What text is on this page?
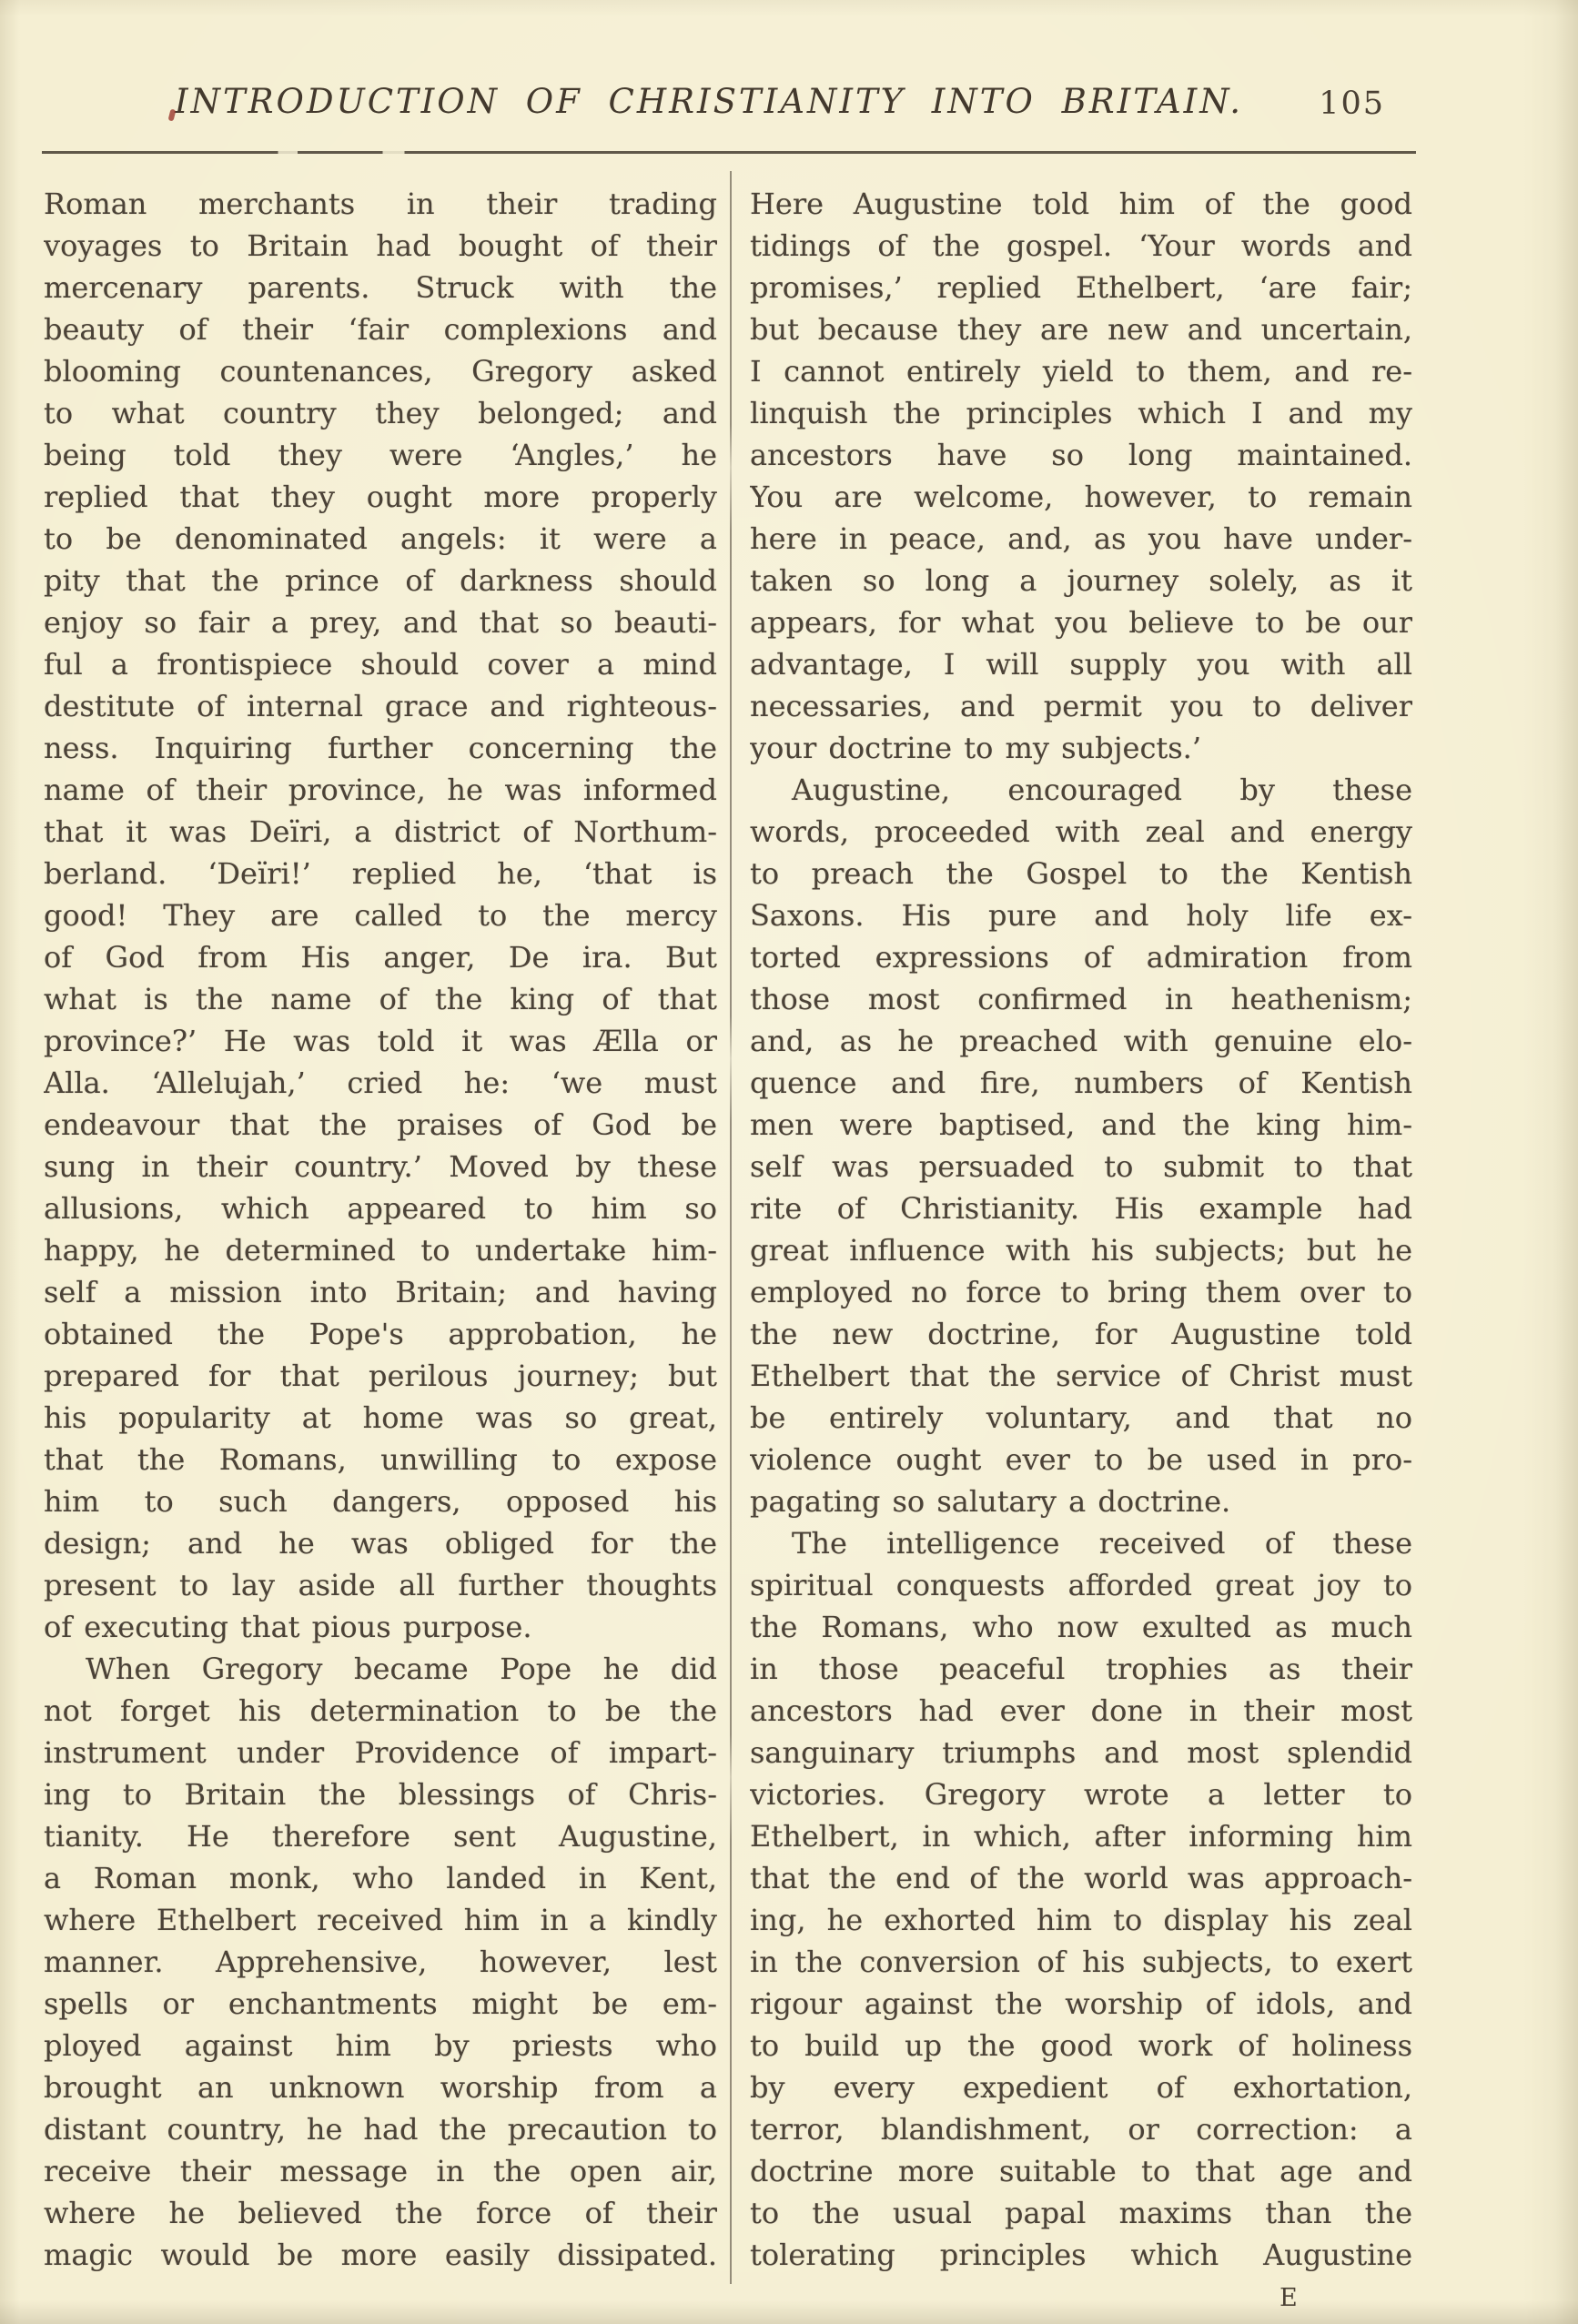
INTRODUCTION OF CHRISTIANITY INTO BRITAIN.	105
Roman merchants in their trading
voyages to Britain had bought of their
mercenary parents. Struck with the
beauty of their ‘fair complexions and
blooming countenances, Gregory asked
to what country they belonged; and
being told they were ‘Angles,’ he
replied that they ought more properly
to be denominated angels: it were a
pity that the prince of darkness should
enjoy so fair a prey, and that so beauti-
ful a frontispiece should cover a mind
destitute of internal grace and righteous-
ness. Inquiring further concerning the
name of their province, he was informed
that it was Deïri, a district of Northum-
berland. ‘Deïri!’ replied he, ‘that is
good! They are called to the mercy
of God from His anger, De ira. But
what is the name of the king of that
province?’ He was told it was Ælla or
Alla. ‘Allelujah,’ cried he: ‘we must
endeavour that the praises of God be
sung in their country.’ Moved by these
allusions, which appeared to him so
happy, he determined to undertake him-
self a mission into Britain; and having
obtained the Pope's approbation, he
prepared for that perilous journey; but
his popularity at home was so great,
that the Romans, unwilling to expose
him to such dangers, opposed his
design; and he was obliged for the
present to lay aside all further thoughts
of executing that pious purpose.
When Gregory became Pope he did
not forget his determination to be the
instrument under Providence of impart-
ing to Britain the blessings of Chris-
tianity. He therefore sent Augustine,
a Roman monk, who landed in Kent,
where Ethelbert received him in a kindly
manner. Apprehensive, however, lest
spells or enchantments might be em-
ployed against him by priests who
brought an unknown worship from a
distant country, he had the precaution to
receive their message in the open air,
where he believed the force of their
magic would be more easily dissipated.
Here Augustine told him of the good
tidings of the gospel. ‘Your words and
promises,’ replied Ethelbert, ‘are fair;
but because they are new and uncertain,
I cannot entirely yield to them, and re-
linquish the principles which I and my
ancestors have so long maintained.
You are welcome, however, to remain
here in peace, and, as you have under-
taken so long a journey solely, as it
appears, for what you believe to be our
advantage, I will supply you with all
necessaries, and permit you to deliver
your doctrine to my subjects.’
Augustine, encouraged by these
words, proceeded with zeal and energy
to preach the Gospel to the Kentish
Saxons. His pure and holy life ex-
torted expressions of admiration from
those most confirmed in heathenism;
and, as he preached with genuine elo-
quence and fire, numbers of Kentish
men were baptised, and the king him-
self was persuaded to submit to that
rite of Christianity. His example had
great influence with his subjects; but he
employed no force to bring them over to
the new doctrine, for Augustine told
Ethelbert that the service of Christ must
be entirely voluntary, and that no
violence ought ever to be used in pro-
pagating so salutary a doctrine.
The intelligence received of these
spiritual conquests afforded great joy to
the Romans, who now exulted as much
in those peaceful trophies as their
ancestors had ever done in their most
sanguinary triumphs and most splendid
victories. Gregory wrote a letter to
Ethelbert, in which, after informing him
that the end of the world was approach-
ing, he exhorted him to display his zeal
in the conversion of his subjects, to exert
rigour against the worship of idols, and
to build up the good work of holiness
by every expedient of exhortation,
terror, blandishment, or correction: a
doctrine more suitable to that age and
to the usual papal maxims than the
tolerating principles which Augustine
E
